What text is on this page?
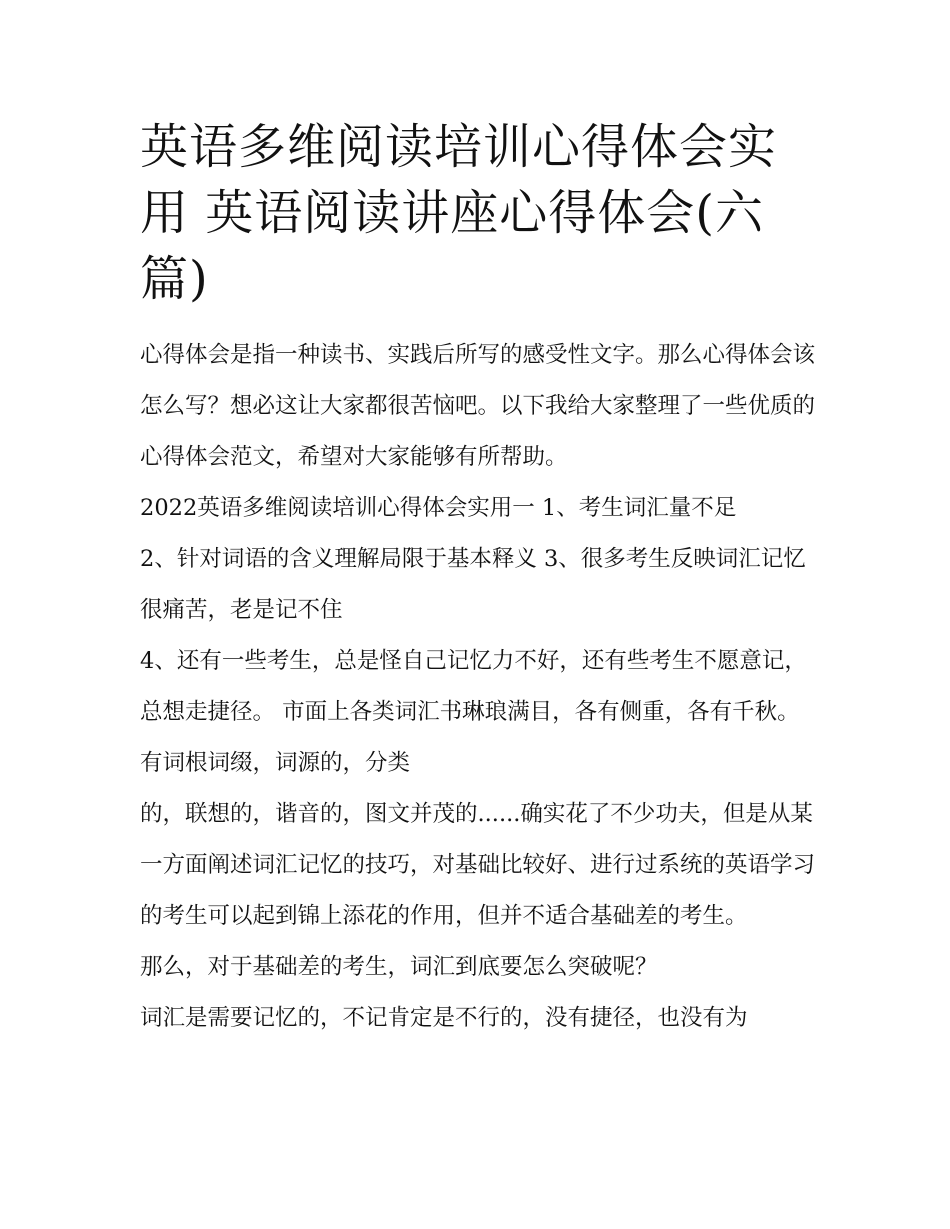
英语多维阅读培训心得体会实用 英语阅读讲座心得体会(六篇)

心得体会是指一种读书、实践后所写的感受性文字。那么心得体会该怎么写？想必这让大家都很苦恼吧。以下我给大家整理了一些优质的心得体会范文，希望对大家能够有所帮助。

2022英语多维阅读培训心得体会实用一 1、考生词汇量不足

2、针对词语的含义理解局限于基本释义 3、很多考生反映词汇记忆很痛苦，老是记不住

4、还有一些考生，总是怪自己记忆力不好，还有些考生不愿意记，总想走捷径。 市面上各类词汇书琳琅满目，各有侧重，各有千秋。有词根词缀，词源的，分类

的，联想的，谐音的，图文并茂的......确实花了不少功夫，但是从某一方面阐述词汇记忆的技巧，对基础比较好、进行过系统的英语学习的考生可以起到锦上添花的作用，但并不适合基础差的考生。

那么，对于基础差的考生，词汇到底要怎么突破呢？

词汇是需要记忆的，不记肯定是不行的，没有捷径，也没有为
